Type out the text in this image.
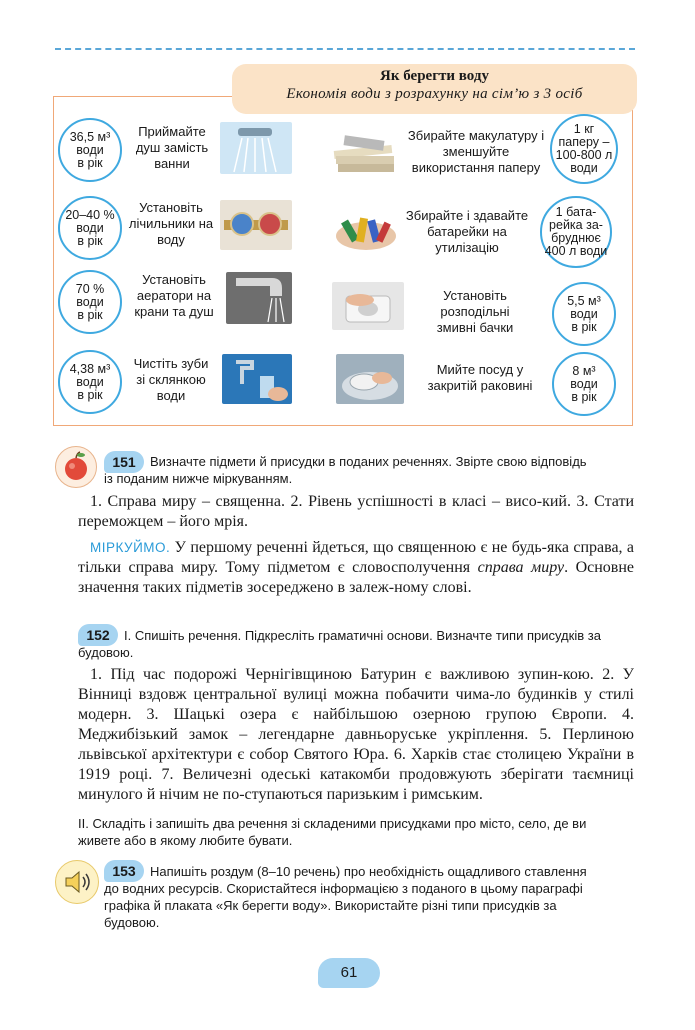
Як берегти воду
Економія води з розрахунку на сім’ю з 3 осіб
36,5 м³
води
в рік
Приймайте душ замість ванни
20–40 %
води
в рік
Установіть лічильники на воду
70 %
води
в рік
Установіть аератори на крани та душ
4,38 м³
води
в рік
Чистіть зуби зі склянкою води
Збирайте макулатуру і зменшуйте використання паперу
1 кг
паперу –
100-800 л
води
Збирайте і здавайте батарейки на утилізацію
1 бата-
рейка за-
бруднює
400 л води
Установіть розподільні змивні бачки
5,5 м³
води
в рік
Мийте посуд у закритій раковині
8 м³
води
в рік
151	Визначте підмети й присудки в поданих реченнях. Звірте свою відповідь
із поданим нижче міркуванням.
1. Справа миру – священна. 2. Рівень успішності в класі – висо-кий. 3. Стати переможцем – його мрія.
МІРКУЙМО. У першому реченні йдеться, що священною є не будь-яка справа, а тільки справа миру. Тому підметом є словосполучення справа миру. Основне значення таких підметів зосереджено в залеж-ному слові.
152	I. Спишіть речення. Підкресліть граматичні основи. Визначте типи присудків за
будовою.
1. Під час подорожі Чернігівщиною Батурин є важливою зупин-кою. 2. У Вінниці вздовж центральної вулиці можна побачити чима-ло будинків у стилі модерн. 3. Шацькі озера є найбільшою озерною групою Європи. 4. Меджибізький замок – легендарне давньоруське укріплення. 5. Перлиною львівської архітектури є собор Святого Юра. 6. Харків стає столицею України в 1919 році. 7. Величезні одеські катакомби продовжують зберігати таємниці минулого й нічим не по-ступаються паризьким і римським.
II. Складіть і запишіть два речення зі складеними присудками про місто, село, де ви
живете або в якому любите бувати.
153	Напишіть роздум (8–10 речень) про необхідність ощадливого ставлення
до водних ресурсів. Скористайтеся інформацією з поданого в цьому параграфі
графіка й плаката «Як берегти воду». Використайте різні типи присудків за
будовою.
61
